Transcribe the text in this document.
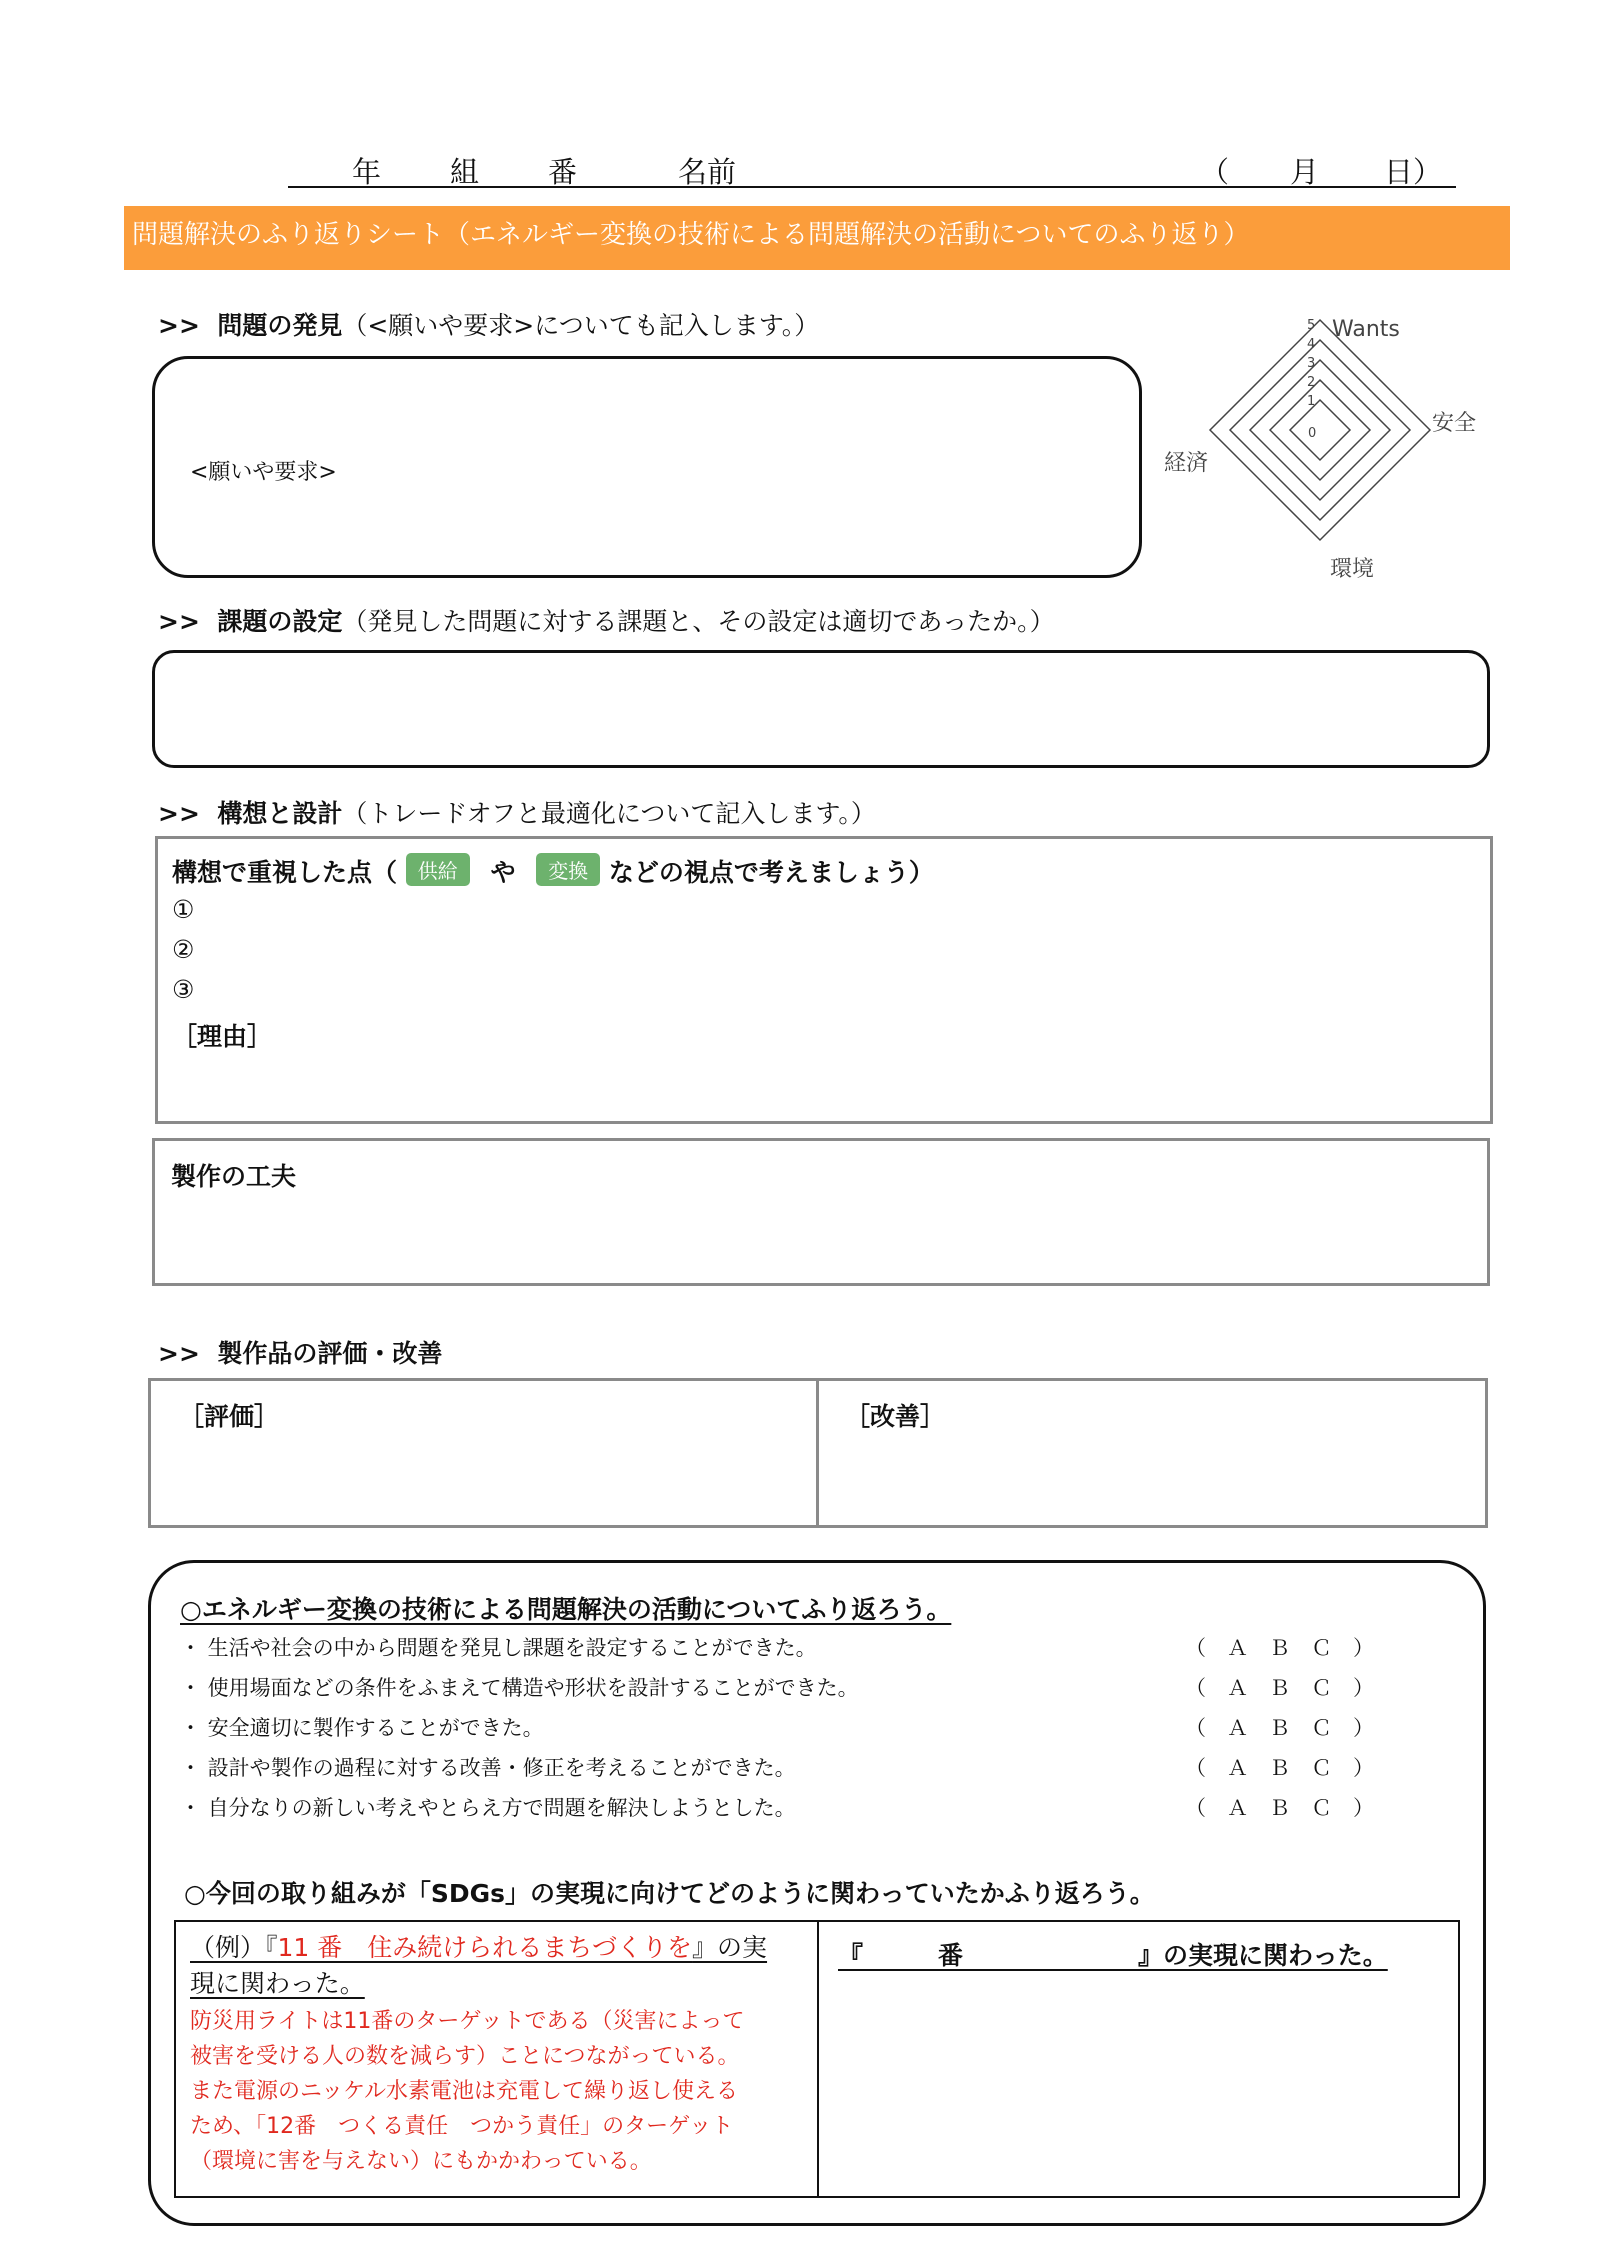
年 組 番	名前	（ 月 日）
問題解決のふり返りシート（エネルギー変換の技術による問題解決の活動についてのふり返り）
>> 問題の発見（<願いや要求>についても記入します。）
<願いや要求>
5
4
3
2
1
0
Wants
安全
環境
経済
>> 課題の設定（発見した問題に対する課題と、その設定は適切であったか。）
>> 構想と設計（トレードオフと最適化について記入します。）
構想で重視した点（ 供給 や 変換 などの視点で考えましょう）
①
②
③
［理由］
製作の工夫
>> 製作品の評価・改善
［評価］	［改善］
○エネルギー変換の技術による問題解決の活動についてふり返ろう。
・ 生活や社会の中から問題を発見し課題を設定することができた。	（　Ａ　Ｂ　Ｃ　）
・ 使用場面などの条件をふまえて構造や形状を設計することができた。	（　Ａ　Ｂ　Ｃ　）
・ 安全適切に製作することができた。	（　Ａ　Ｂ　Ｃ　）
・ 設計や製作の過程に対する改善・修正を考えることができた。	（　Ａ　Ｂ　Ｃ　）
・ 自分なりの新しい考えやとらえ方で問題を解決しようとした。	（　Ａ　Ｂ　Ｃ　）
○今回の取り組みが「SDGs」の実現に向けてどのように関わっていたかふり返ろう。
（例）『11 番　住み続けられるまちづくりを』の実
現に関わった。
防災用ライトは11番のターゲットである（災害によって
被害を受ける人の数を減らす）ことにつながっている。
また電源のニッケル水素電池は充電して繰り返し使える
ため、「12番　つくる責任　つかう責任」のターゲット
（環境に害を与えない）にもかかわっている。
『　　　番　　　　　　　』の実現に関わった。
